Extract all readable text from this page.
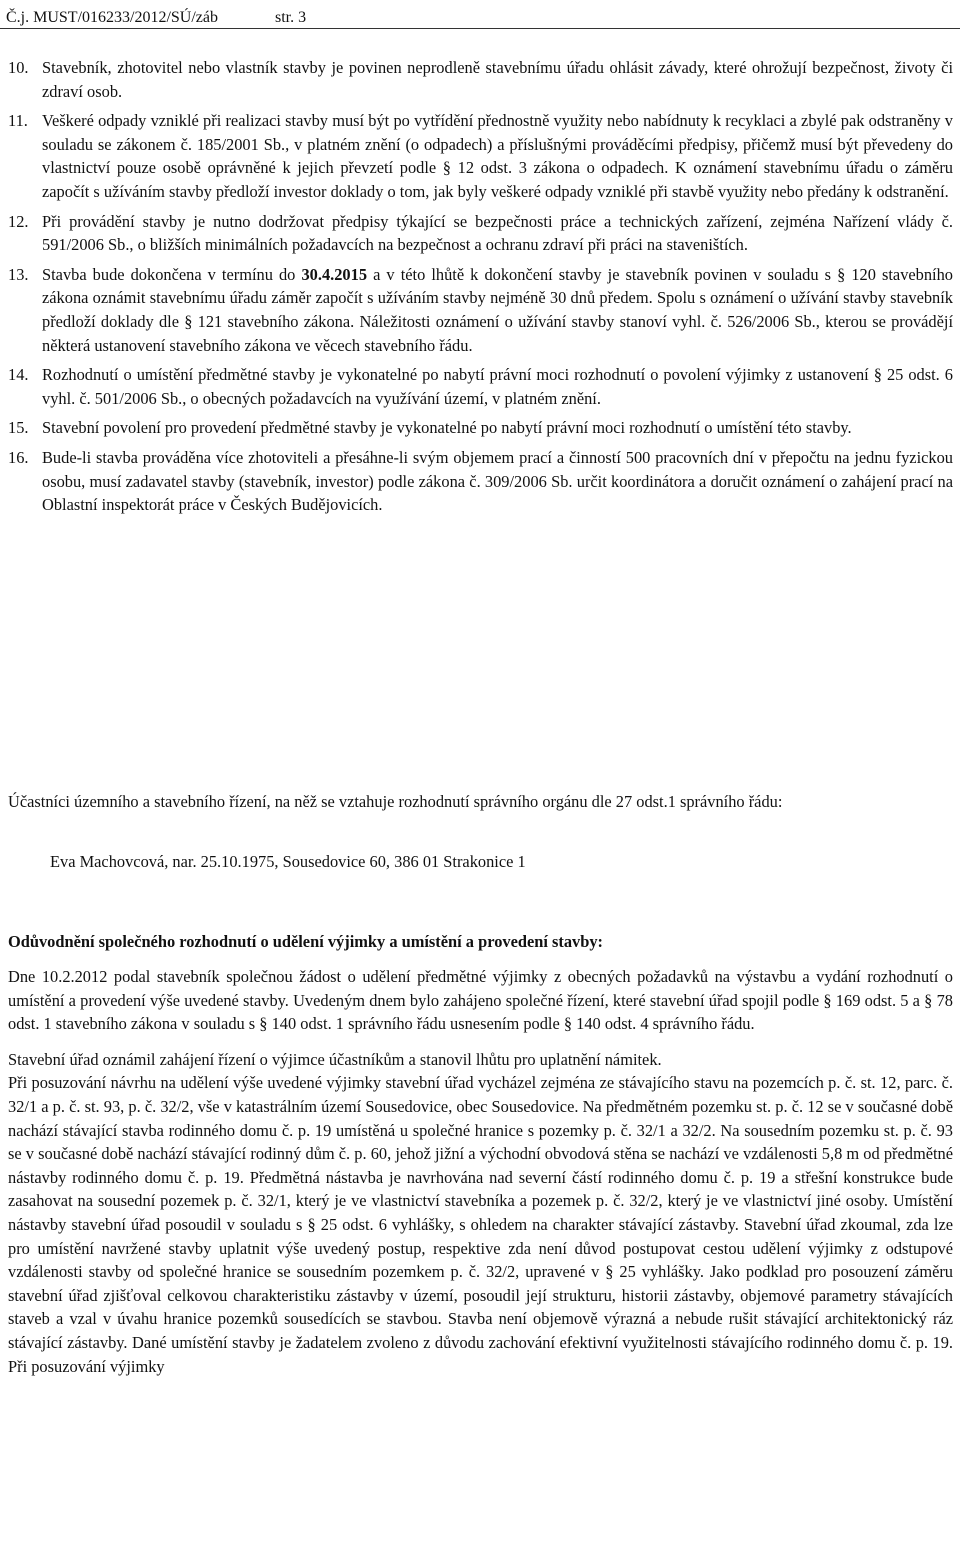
Č.j. MUST/016233/2012/SÚ/záb	str. 3
10. Stavebník, zhotovitel nebo vlastník stavby je povinen neprodleně stavebnímu úřadu ohlásit závady, které ohrožují bezpečnost, životy či zdraví osob.
11. Veškeré odpady vzniklé při realizaci stavby musí být po vytřídění přednostně využity nebo nabídnuty k recyklaci a zbylé pak odstraněny v souladu se zákonem č. 185/2001 Sb., v platném znění (o odpadech) a příslušnými prováděcími předpisy, přičemž musí být převedeny do vlastnictví pouze osobě oprávněné k jejich převzetí podle § 12 odst. 3 zákona o odpadech. K oznámení stavebnímu úřadu o záměru započít s užíváním stavby předloží investor doklady o tom, jak byly veškeré odpady vzniklé při stavbě využity nebo předány k odstranění.
12. Při provádění stavby je nutno dodržovat předpisy týkající se bezpečnosti práce a technických zařízení, zejména Nařízení vlády č. 591/2006 Sb., o bližších minimálních požadavcích na bezpečnost a ochranu zdraví při práci na staveništích.
13. Stavba bude dokončena v termínu do 30.4.2015 a v této lhůtě k dokončení stavby je stavebník povinen v souladu s § 120 stavebního zákona oznámit stavebnímu úřadu záměr započít s užíváním stavby nejméně 30 dnů předem. Spolu s oznámení o užívání stavby stavebník předloží doklady dle § 121 stavebního zákona. Náležitosti oznámení o užívání stavby stanoví vyhl. č. 526/2006 Sb., kterou se provádějí některá ustanovení stavebního zákona ve věcech stavebního řádu.
14. Rozhodnutí o umístění předmětné stavby je vykonatelné po nabytí právní moci rozhodnutí o povolení výjimky z ustanovení § 25 odst. 6 vyhl. č. 501/2006 Sb., o obecných požadavcích na využívání území, v platném znění.
15. Stavební povolení pro provedení předmětné stavby je vykonatelné po nabytí právní moci rozhodnutí o umístění této stavby.
16. Bude-li stavba prováděna více zhotoviteli a přesáhne-li svým objemem prací a činností 500 pracovních dní v přepočtu na jednu fyzickou osobu, musí zadavatel stavby (stavebník, investor) podle zákona č. 309/2006 Sb. určit koordinátora a doručit oznámení o zahájení prací na Oblastní inspektorát práce v Českých Budějovicích.
Účastníci územního a stavebního řízení, na něž se vztahuje rozhodnutí správního orgánu dle 27 odst.1 správního řádu:
Eva Machovcová, nar. 25.10.1975, Sousedovice 60, 386 01 Strakonice 1
Odůvodnění společného rozhodnutí o udělení výjimky a umístění a provedení stavby:

Dne 10.2.2012 podal stavebník společnou žádost o udělení předmětné výjimky z obecných požadavků na výstavbu a vydání rozhodnutí o umístění a provedení výše uvedené stavby. Uvedeným dnem bylo zahájeno společné řízení, které stavební úřad spojil podle § 169 odst. 5 a § 78 odst. 1 stavebního zákona v souladu s § 140 odst. 1 správního řádu usnesením podle § 140 odst. 4 správního řádu.

Stavební úřad oznámil zahájení řízení o výjimce účastníkům a stanovil lhůtu pro uplatnění námitek.

Při posuzování návrhu na udělení výše uvedené výjimky stavební úřad vycházel zejména ze stávajícího stavu na pozemcích p. č. st. 12, parc. č. 32/1 a p. č. st. 93, p. č. 32/2, vše v katastrálním území Sousedovice, obec Sousedovice. Na předmětném pozemku st. p. č. 12 se v současné době nachází stávající stavba rodinného domu č. p. 19 umístěná u společné hranice s pozemky p. č. 32/1 a 32/2. Na sousedním pozemku st. p. č. 93 se v současné době nachází stávající rodinný dům č. p. 60, jehož jižní a východní obvodová stěna se nachází ve vzdálenosti 5,8 m od předmětné nástavby rodinného domu č. p. 19. Předmětná nástavba je navrhována nad severní částí rodinného domu č. p. 19 a střešní konstrukce bude zasahovat na sousední pozemek p. č. 32/1, který je ve vlastnictví stavebníka a pozemek p. č. 32/2, který je ve vlastnictví jiné osoby. Umístění nástavby stavební úřad posoudil v souladu s § 25 odst. 6 vyhlášky, s ohledem na charakter stávající zástavby. Stavební úřad zkoumal, zda lze pro umístění navržené stavby uplatnit výše uvedený postup, respektive zda není důvod postupovat cestou udělení výjimky z odstupové vzdálenosti stavby od společné hranice se sousedním pozemkem p. č. 32/2, upravené v § 25 vyhlášky. Jako podklad pro posouzení záměru stavební úřad zjišťoval celkovou charakteristiku zástavby v území, posoudil její strukturu, historii zástavby, objemové parametry stávajících staveb a vzal v úvahu hranice pozemků sousedících se stavbou. Stavba není objemově výrazná a nebude rušit stávající architektonický ráz stávající zástavby. Dané umístění stavby je žadatelem zvoleno z důvodu zachování efektivní využitelnosti stávajícího rodinného domu č. p. 19. Při posuzování výjimky
